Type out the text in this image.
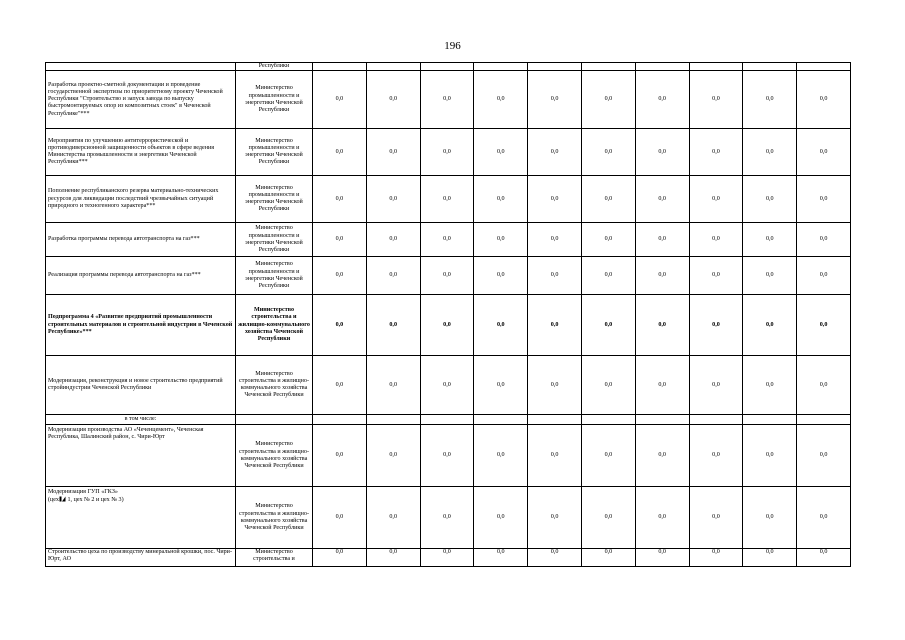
196
	Республики										
Разработка проектно-сметной документации и проведение государственной экспертизы по приоритетному проекту Чеченской Республики "Строительство и запуск завода по выпуску быстромонтируемых опор из композитных стоек" в Чеченской Республике"***	Министерство промышленности и энергетики Чеченской Республики	0,0	0,0	0,0	0,0	0,0	0,0	0,0	0,0	0,0	0,0
Мероприятия по улучшению антитеррористической и противодиверсионной защищенности объектов в сфере ведения Министерства промышленности и энергетики Чеченской Республики***	Министерство промышленности и энергетики Чеченской Республики	0,0	0,0	0,0	0,0	0,0	0,0	0,0	0,0	0,0	0,0
Пополнение республиканского резерва материально-технических ресурсов для ликвидации последствий чрезвычайных ситуаций природного и техногенного характера***	Министерство промышленности и энергетики Чеченской Республики	0,0	0,0	0,0	0,0	0,0	0,0	0,0	0,0	0,0	0,0
Разработка программы перевода автотранспорта на газ***	Министерство промышленности и энергетики Чеченской Республики	0,0	0,0	0,0	0,0	0,0	0,0	0,0	0,0	0,0	0,0
Реализация программы перевода автотранспорта на газ***	Министерство промышленности и энергетики Чеченской Республики	0,0	0,0	0,0	0,0	0,0	0,0	0,0	0,0	0,0	0,0
Подпрограмма 4 «Развитие предприятий промышленности строительных материалов и строительной индустрии в Чеченской Республике»***	Министерство строительства и жилищно-коммунального хозяйства Чеченской Республики	0,0	0,0	0,0	0,0	0,0	0,0	0,0	0,0	0,0	0,0
Модернизация, реконструкция и новое строительство предприятий стройиндустрии Чеченской Республики	Министерство строительства и жилищно-коммунального хозяйства Чеченской Республики	0,0	0,0	0,0	0,0	0,0	0,0	0,0	0,0	0,0	0,0
в том числе:											
Модернизация производства АО «Чеченцемент», Чеченская Республика, Шалинский район, с. Чири-Юрт	Министерство строительства и жилищно-коммунального хозяйства Чеченской Республики	0,0	0,0	0,0	0,0	0,0	0,0	0,0	0,0	0,0	0,0

Модернизация ГУП «ГКЗ»
(цех 1, цех № 2 и цех № 3)	Министерство строительства и жилищно-коммунального хозяйства Чеченской Республики	0,0	0,0	0,0	0,0	0,0	0,0	0,0	0,0	0,0	0,0
Строительство цеха по производству минеральной крошки, пос. Чири-Юрт, АО	Министерство строительства и	0,0	0,0	0,0	0,0	0,0	0,0	0,0	0,0	0,0	0,0
